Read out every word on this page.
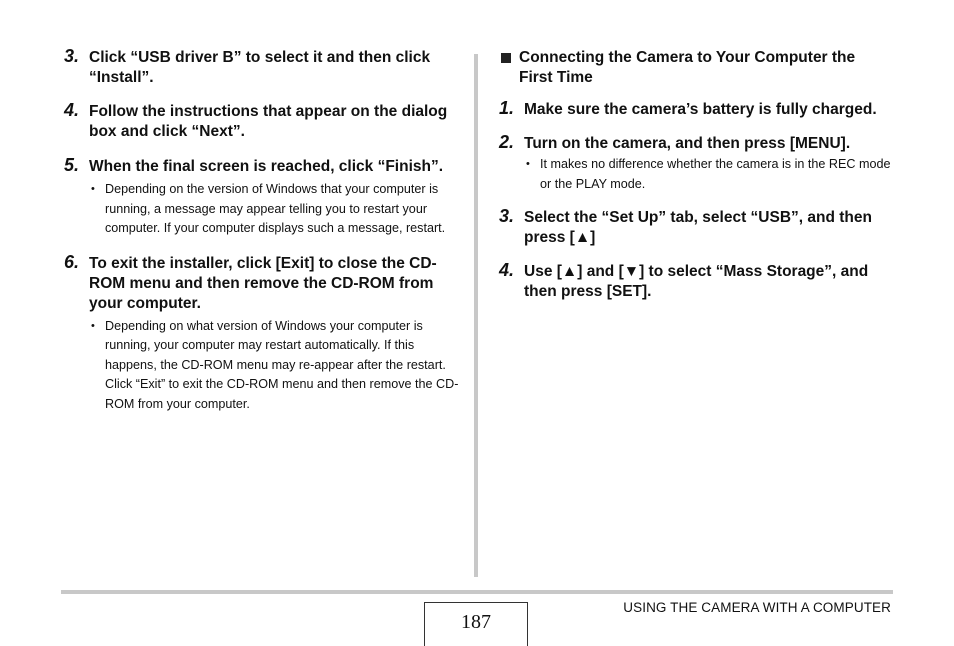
3. Click “USB driver B” to select it and then click “Install”.

4. Follow the instructions that appear on the dialog box and click “Next”.

5. When the final screen is reached, click “Finish”.

• Depending on the version of Windows that your computer is running, a message may appear telling you to restart your computer. If your computer displays such a message, restart.

6. To exit the installer, click [Exit] to close the CD-ROM menu and then remove the CD-ROM from your computer.

• Depending on what version of Windows your computer is running, your computer may restart automatically. If this happens, the CD-ROM menu may re-appear after the restart. Click “Exit” to exit the CD-ROM menu and then remove the CD-ROM from your computer.

Connecting the Camera to Your Computer the First Time

1. Make sure the camera’s battery is fully charged.

2. Turn on the camera, and then press [MENU].

• It makes no difference whether the camera is in the REC mode or the PLAY mode.

3. Select the “Set Up” tab, select “USB”, and then press [▲]

4. Use [▲] and [▼] to select “Mass Storage”, and then press [SET].

187
USING THE CAMERA WITH A COMPUTER
